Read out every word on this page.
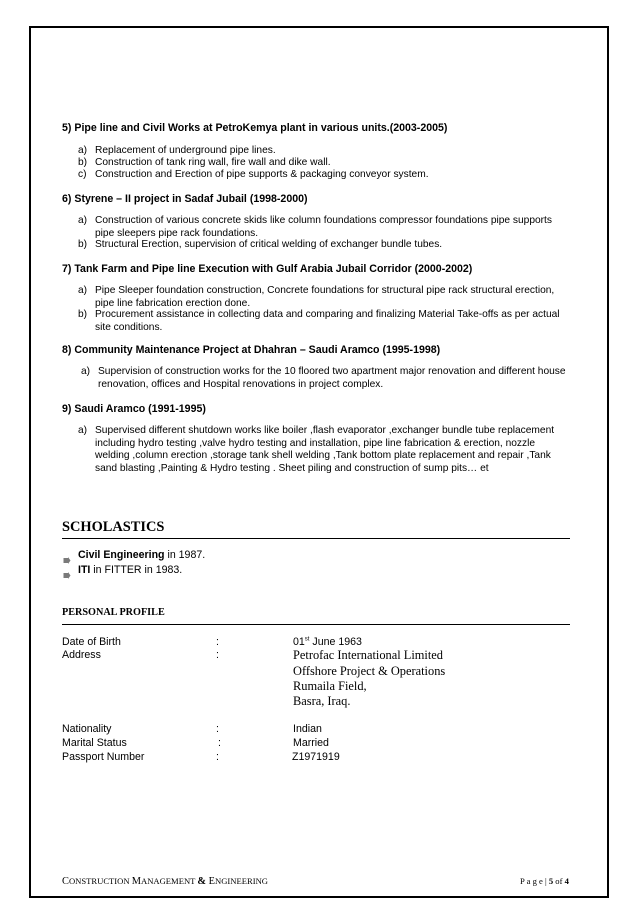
5) Pipe line and Civil Works at PetroKemya plant in various units.(2003-2005)
a) Replacement of underground pipe lines.
b) Construction of tank ring wall, fire wall and dike wall.
c) Construction and Erection of pipe supports & packaging conveyor system.
6) Styrene – II project in Sadaf Jubail (1998-2000)
a) Construction of various concrete skids like column foundations compressor foundations pipe supports pipe sleepers pipe rack foundations.
b) Structural Erection, supervision of critical welding of exchanger bundle tubes.
7) Tank Farm and Pipe line Execution with Gulf Arabia Jubail Corridor (2000-2002)
a) Pipe Sleeper foundation construction, Concrete foundations for structural pipe rack structural erection, pipe line fabrication erection done.
b) Procurement assistance in collecting data and comparing and finalizing Material Take-offs as per actual site conditions.
8) Community Maintenance Project at Dhahran – Saudi Aramco (1995-1998)
a) Supervision of construction works for the 10 floored two apartment major renovation and different house renovation, offices and Hospital renovations in project complex.
9) Saudi Aramco (1991-1995)
a) Supervised different shutdown works like boiler ,flash evaporator ,exchanger bundle tube replacement including hydro testing ,valve hydro testing and installation, pipe line fabrication & erection, nozzle welding ,column erection ,storage tank shell welding ,Tank bottom plate replacement and repair ,Tank sand blasting ,Painting & Hydro testing . Sheet piling and construction of sump pits… et
SCHOLASTICS
Civil Engineering in 1987.
ITI in FITTER in 1983.
PERSONAL PROFILE
Date of Birth	:	01st June 1963
Address	:	Petrofac International Limited
Offshore Project & Operations
Rumaila Field,
Basra, Iraq.
Nationality	:	Indian
Marital Status	:	Married
Passport Number	:	Z1971919
CONSTRUCTION MANAGEMENT & ENGINEERING	P a g e | 5 of 4
